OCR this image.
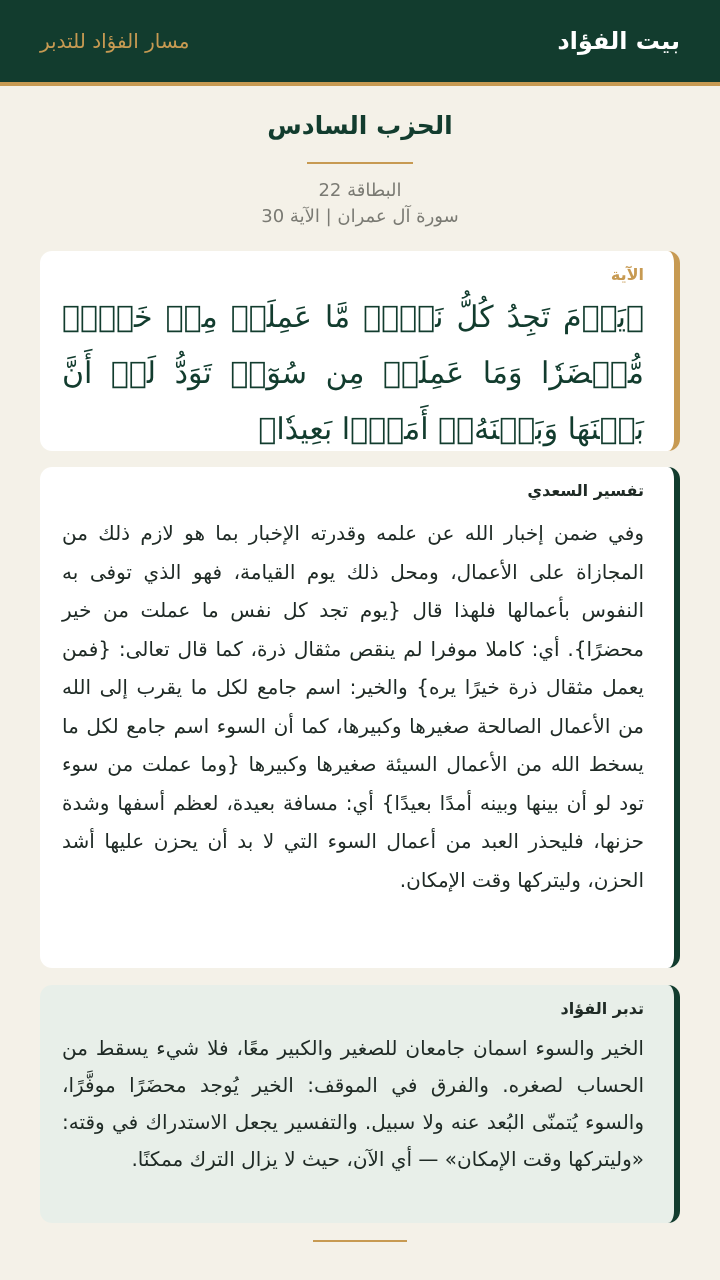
بيت الفؤاد
مسار الفؤاد للتدبر
الحزب السادس
البطاقة 22
سورة آل عمران | الآية 30
الآية
﴿يَوۡمَ تَجِدُ كُلُّ نَفۡسٖ مَّا عَمِلَتۡ مِنۡ خَيۡرٖ مُّحۡضَرٗا وَمَا عَمِلَتۡ مِن سُوٓءٖ تَوَدُّ لَوۡ أَنَّ بَيۡنَهَا وَبَيۡنَهُۥٓ أَمَدَۢا بَعِيدٗا﴾
تفسير السعدي
وفي ضمن إخبار الله عن علمه وقدرته الإخبار بما هو لازم ذلك من المجازاة على الأعمال، ومحل ذلك يوم القيامة، فهو الذي توفى به النفوس بأعمالها فلهذا قال {يوم تجد كل نفس ما عملت من خير محضرًا}. أي: كاملا موفرا لم ينقص مثقال ذرة، كما قال تعالى: {فمن يعمل مثقال ذرة خيرًا يره} والخير: اسم جامع لكل ما يقرب إلى الله من الأعمال الصالحة صغيرها وكبيرها، كما أن السوء اسم جامع لكل ما يسخط الله من الأعمال السيئة صغيرها وكبيرها {وما عملت من سوء تود لو أن بينها وبينه أمدًا بعيدًا} أي: مسافة بعيدة، لعظم أسفها وشدة حزنها، فليحذر العبد من أعمال السوء التي لا بد أن يحزن عليها أشد الحزن، وليتركها وقت الإمكان.
تدبر الفؤاد
الخير والسوء اسمان جامعان للصغير والكبير معًا، فلا شيء يسقط من الحساب لصغره. والفرق في الموقف: الخير يُوجد محضَرًا موفَّرًا، والسوء يُتمنّى البُعد عنه ولا سبيل. والتفسير يجعل الاستدراك في وقته: «وليتركها وقت الإمكان» — أي الآن، حيث لا يزال الترك ممكنًا.
